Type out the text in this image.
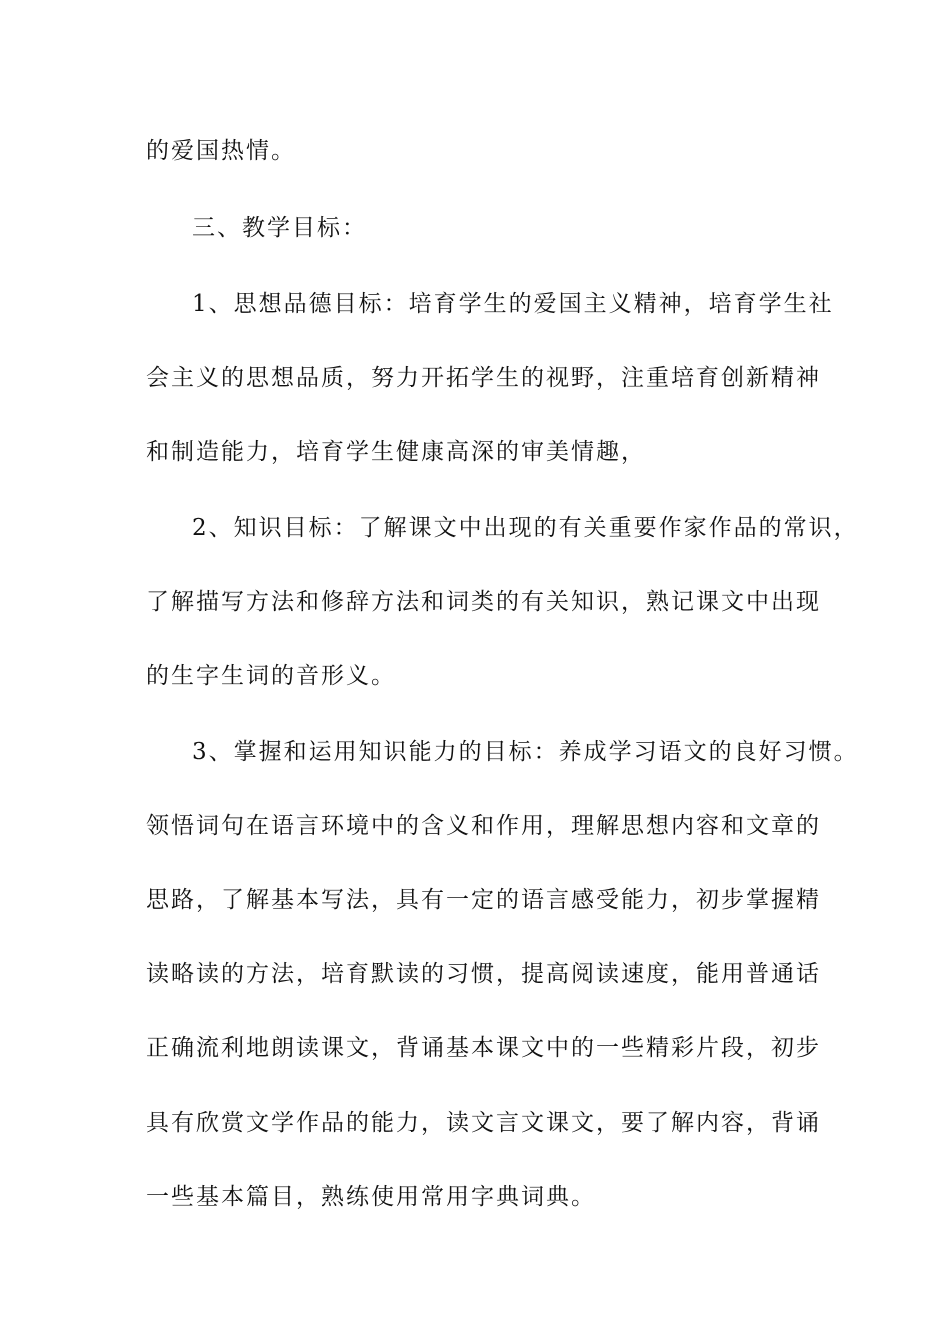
的爱国热情。
三、教学目标：
1、思想品德目标：培育学生的爱国主义精神，培育学生社
会主义的思想品质，努力开拓学生的视野，注重培育创新精神
和制造能力，培育学生健康高深的审美情趣，
2、知识目标：了解课文中出现的有关重要作家作品的常识，
了解描写方法和修辞方法和词类的有关知识，熟记课文中出现
的生字生词的音形义。
3、掌握和运用知识能力的目标：养成学习语文的良好习惯。
领悟词句在语言环境中的含义和作用，理解思想内容和文章的
思路，了解基本写法，具有一定的语言感受能力，初步掌握精
读略读的方法，培育默读的习惯，提高阅读速度，能用普通话
正确流利地朗读课文，背诵基本课文中的一些精彩片段，初步
具有欣赏文学作品的能力，读文言文课文，要了解内容，背诵
一些基本篇目，熟练使用常用字典词典。
